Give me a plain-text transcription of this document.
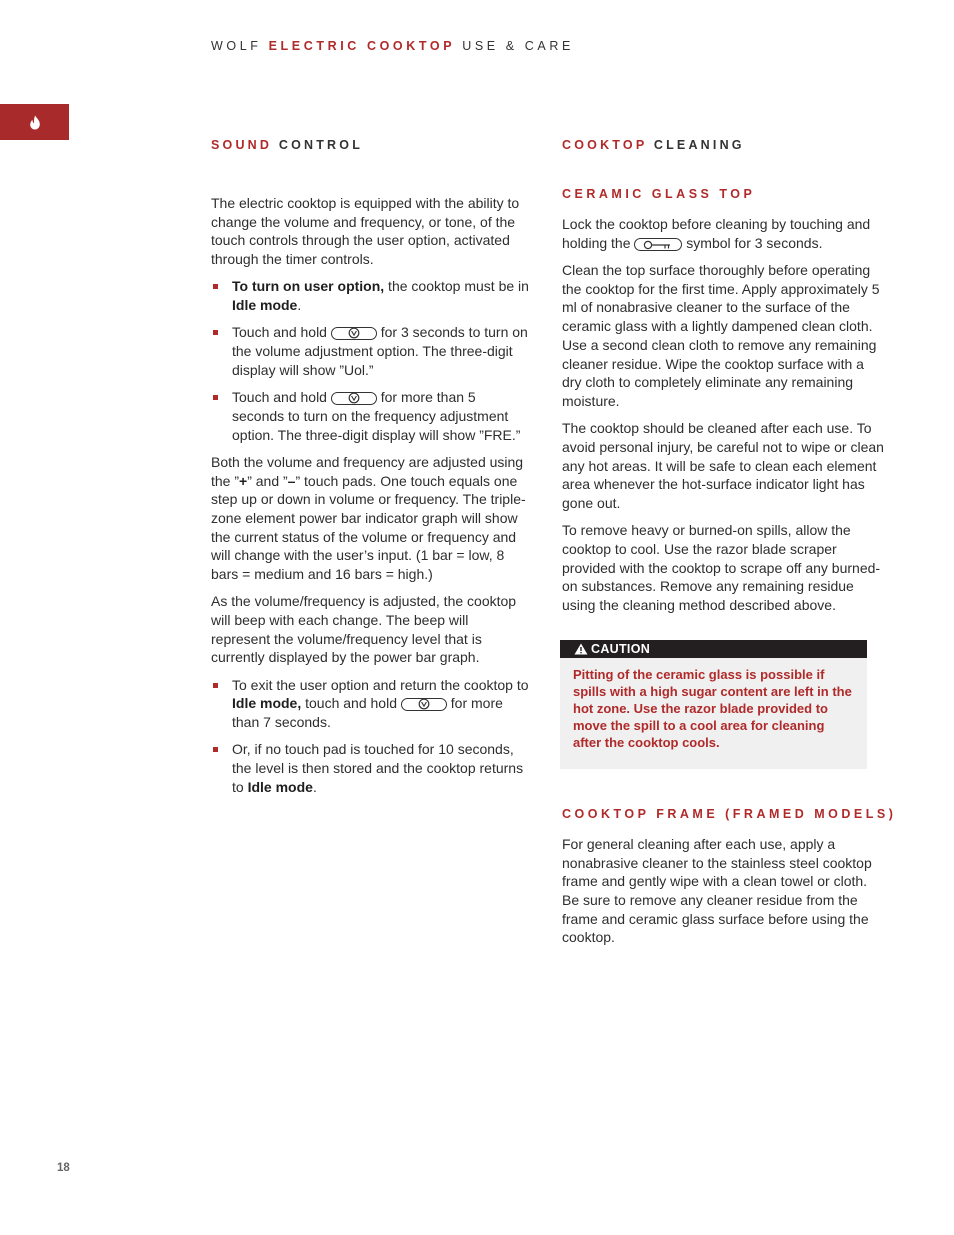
WOLF ELECTRIC COOKTOP USE & CARE
SOUND CONTROL

The electric cooktop is equipped with the ability to change the volume and frequency, or tone, of the touch controls through the user option, activated through the timer controls.

To turn on user option, the cooktop must be in Idle mode.
Touch and hold	for 3 seconds to turn on the volume adjustment option. The three-digit display will show ”Uol.”
Touch and hold	for more than 5 seconds to turn on the frequency adjustment option. The three-digit display will show ”FRE.”

Both the volume and frequency are adjusted using the ”+” and ”–” touch pads. One touch equals one step up or down in volume or frequency. The triple-zone element power bar indicator graph will show the current status of the volume or frequency and will change with the user’s input. (1 bar = low, 8 bars = medium and 16 bars = high.)

As the volume/frequency is adjusted, the cooktop will beep with each change. The beep will represent the volume/frequency level that is currently displayed by the power bar graph.

To exit the user option and return the cooktop to Idle mode, touch and hold	for more than 7 seconds.
Or, if no touch pad is touched for 10 seconds, the level is then stored and the cooktop returns to Idle mode.
COOKTOP CLEANING
CERAMIC GLASS TOP

Lock the cooktop before cleaning by touching and holding the	symbol for 3 seconds.

Clean the top surface thoroughly before operating the cooktop for the first time. Apply approximately 5 ml of nonabrasive cleaner to the surface of the ceramic glass with a lightly dampened clean cloth. Use a second clean cloth to remove any remaining cleaner residue. Wipe the cooktop surface with a dry cloth to completely eliminate any remaining moisture.

The cooktop should be cleaned after each use. To avoid personal injury, be careful not to wipe or clean any hot areas. It will be safe to clean each element area whenever the hot-surface indicator light has gone out.

To remove heavy or burned-on spills, allow the cooktop to cool. Use the razor blade scraper provided with the cooktop to scrape off any burned-on substances. Remove any remaining residue using the cleaning method described above.

CAUTION
Pitting of the ceramic glass is possible if spills with a high sugar content are left in the hot zone. Use the razor blade provided to move the spill to a cool area for cleaning after the cooktop cools.
COOKTOP FRAME (FRAMED MODELS)

For general cleaning after each use, apply a nonabrasive cleaner to the stainless steel cooktop frame and gently wipe with a clean towel or cloth. Be sure to remove any cleaner residue from the frame and ceramic glass surface before using the cooktop.

18
